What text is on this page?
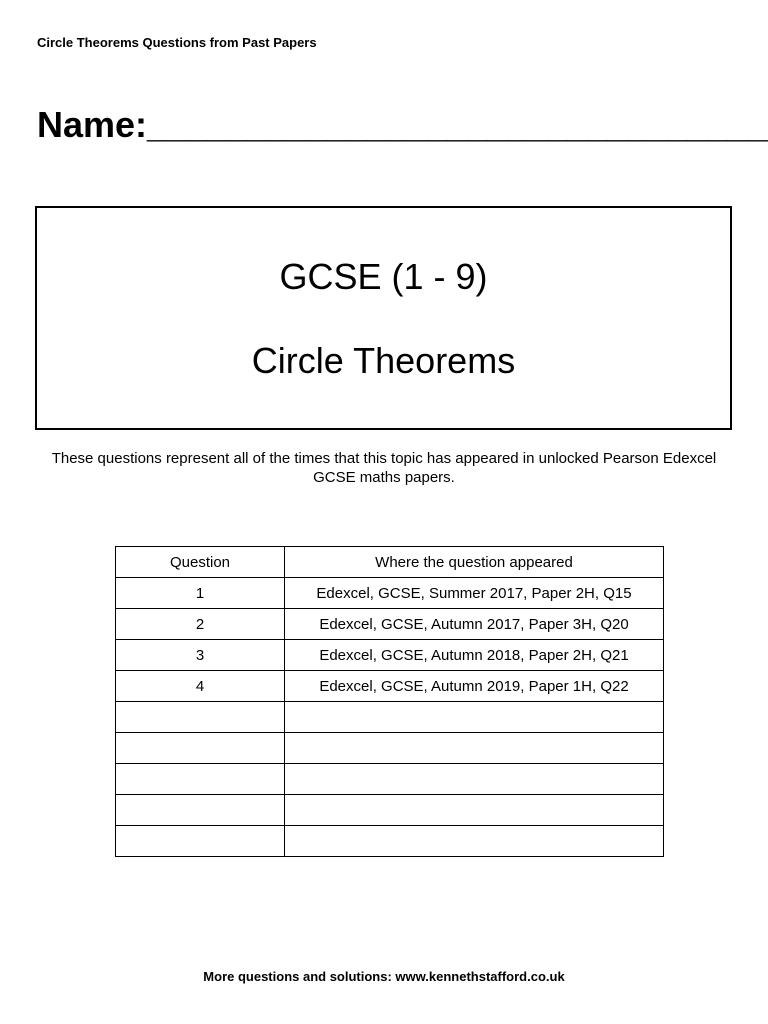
Circle Theorems Questions from Past Papers
Name:_______________________________
GCSE (1 - 9)
Circle Theorems
These questions represent all of the times that this topic has appeared in unlocked Pearson Edexcel GCSE maths papers.
Question	Where the question appeared
1	Edexcel, GCSE, Summer 2017, Paper 2H, Q15
2	Edexcel, GCSE, Autumn 2017, Paper 3H, Q20
3	Edexcel, GCSE, Autumn 2018, Paper 2H, Q21
4	Edexcel, GCSE, Autumn 2019, Paper 1H, Q22

More questions and solutions: www.kennethstafford.co.uk
